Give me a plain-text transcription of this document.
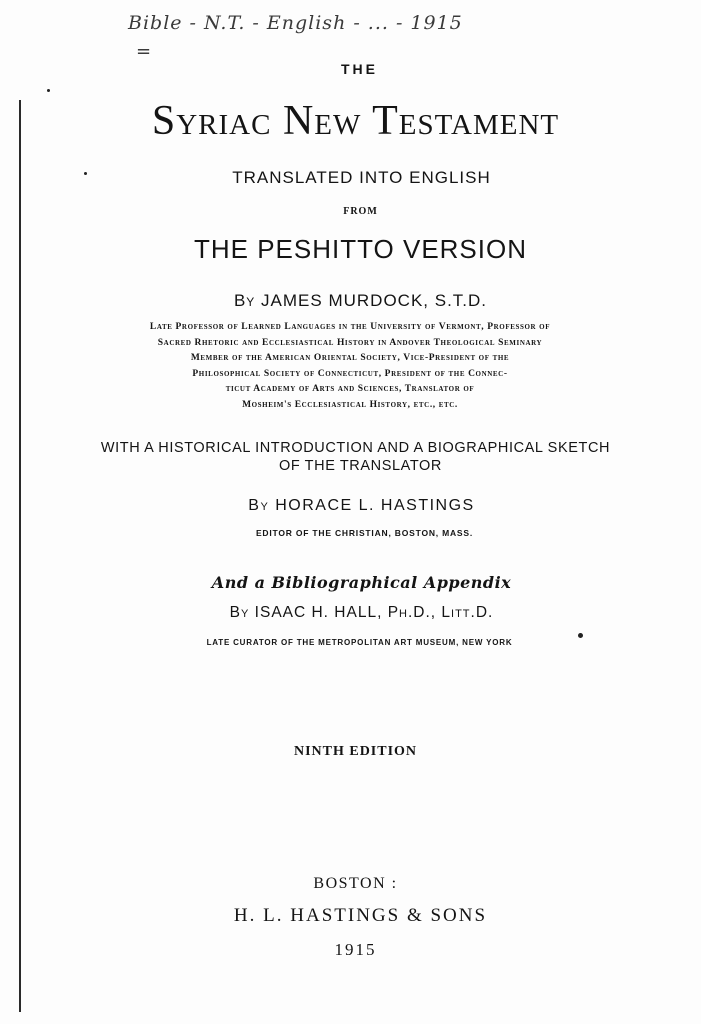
Bible - N.T. - English - ... - 1915
=
THE
Syriac New Testament
TRANSLATED INTO ENGLISH
FROM
THE PESHITTO VERSION
By JAMES MURDOCK, S.T.D.
Late Professor of Learned Languages in the University of Vermont, Professor of
Sacred Rhetoric and Ecclesiastical History in Andover Theological Seminary
Member of the American Oriental Society, Vice-President of the
Philosophical Society of Connecticut, President of the Connec-
ticut Academy of Arts and Sciences, Translator of
Mosheim's Ecclesiastical History, etc., etc.
WITH A HISTORICAL INTRODUCTION AND A BIOGRAPHICAL SKETCH
OF THE TRANSLATOR
By HORACE L. HASTINGS
EDITOR OF THE CHRISTIAN, BOSTON, MASS.
And a Bibliographical Appendix
By ISAAC H. HALL, Ph.D., Litt.D.
LATE CURATOR OF THE METROPOLITAN ART MUSEUM, NEW YORK
NINTH EDITION
BOSTON :
H. L. HASTINGS & SONS
1915
